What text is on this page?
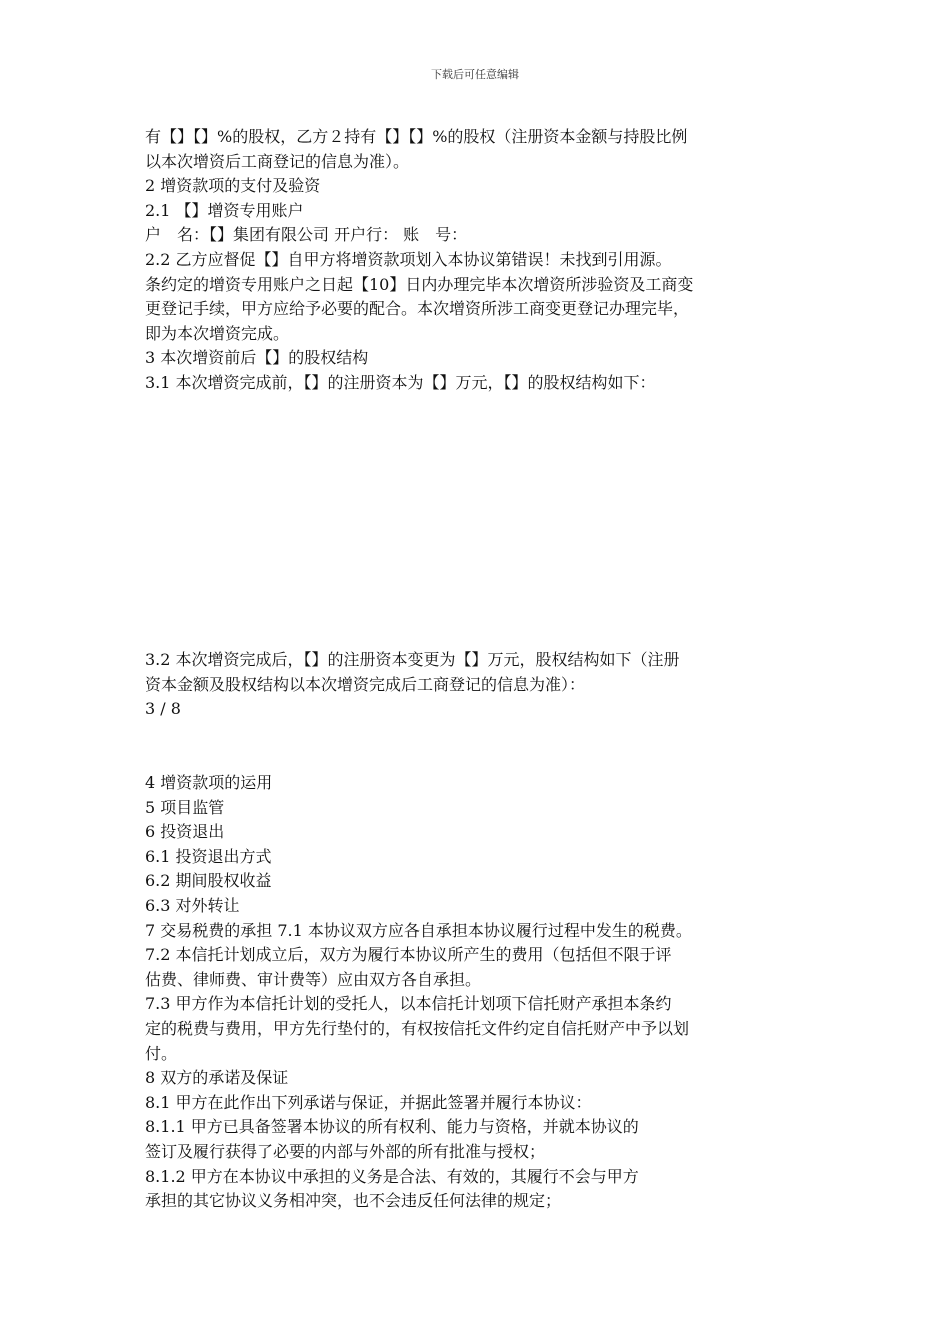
下载后可任意编辑
有【】【】%的股权，乙方２持有【】【】%的股权（注册资本金额与持股比例
以本次增资后工商登记的信息为准）。
2 增资款项的支付及验资
2.1 【】增资专用账户
户　名：【】集团有限公司 开户行： 账　号：
2.2 乙方应督促【】自甲方将增资款项划入本协议第错误！未找到引用源。
条约定的增资专用账户之日起【10】日内办理完毕本次增资所涉验资及工商变
更登记手续，甲方应给予必要的配合。本次增资所涉工商变更登记办理完毕，
即为本次增资完成。
3 本次增资前后【】的股权结构
3.1 本次增资完成前，【】的注册资本为【】万元，【】的股权结构如下：
3.2 本次增资完成后，【】的注册资本变更为【】万元，股权结构如下（注册
资本金额及股权结构以本次增资完成后工商登记的信息为准）：
3 / 8
4 增资款项的运用
5 项目监管
6 投资退出
6.1 投资退出方式
6.2 期间股权收益
6.3 对外转让
7 交易税费的承担 7.1 本协议双方应各自承担本协议履行过程中发生的税费。
7.2 本信托计划成立后，双方为履行本协议所产生的费用（包括但不限于评
估费、律师费、审计费等）应由双方各自承担。
7.3 甲方作为本信托计划的受托人，以本信托计划项下信托财产承担本条约
定的税费与费用，甲方先行垫付的，有权按信托文件约定自信托财产中予以划
付。
8 双方的承诺及保证
8.1 甲方在此作出下列承诺与保证，并据此签署并履行本协议：
8.1.1 甲方已具备签署本协议的所有权利、能力与资格，并就本协议的
签订及履行获得了必要的内部与外部的所有批准与授权；
8.1.2 甲方在本协议中承担的义务是合法、有效的，其履行不会与甲方
承担的其它协议义务相冲突，也不会违反任何法律的规定；
